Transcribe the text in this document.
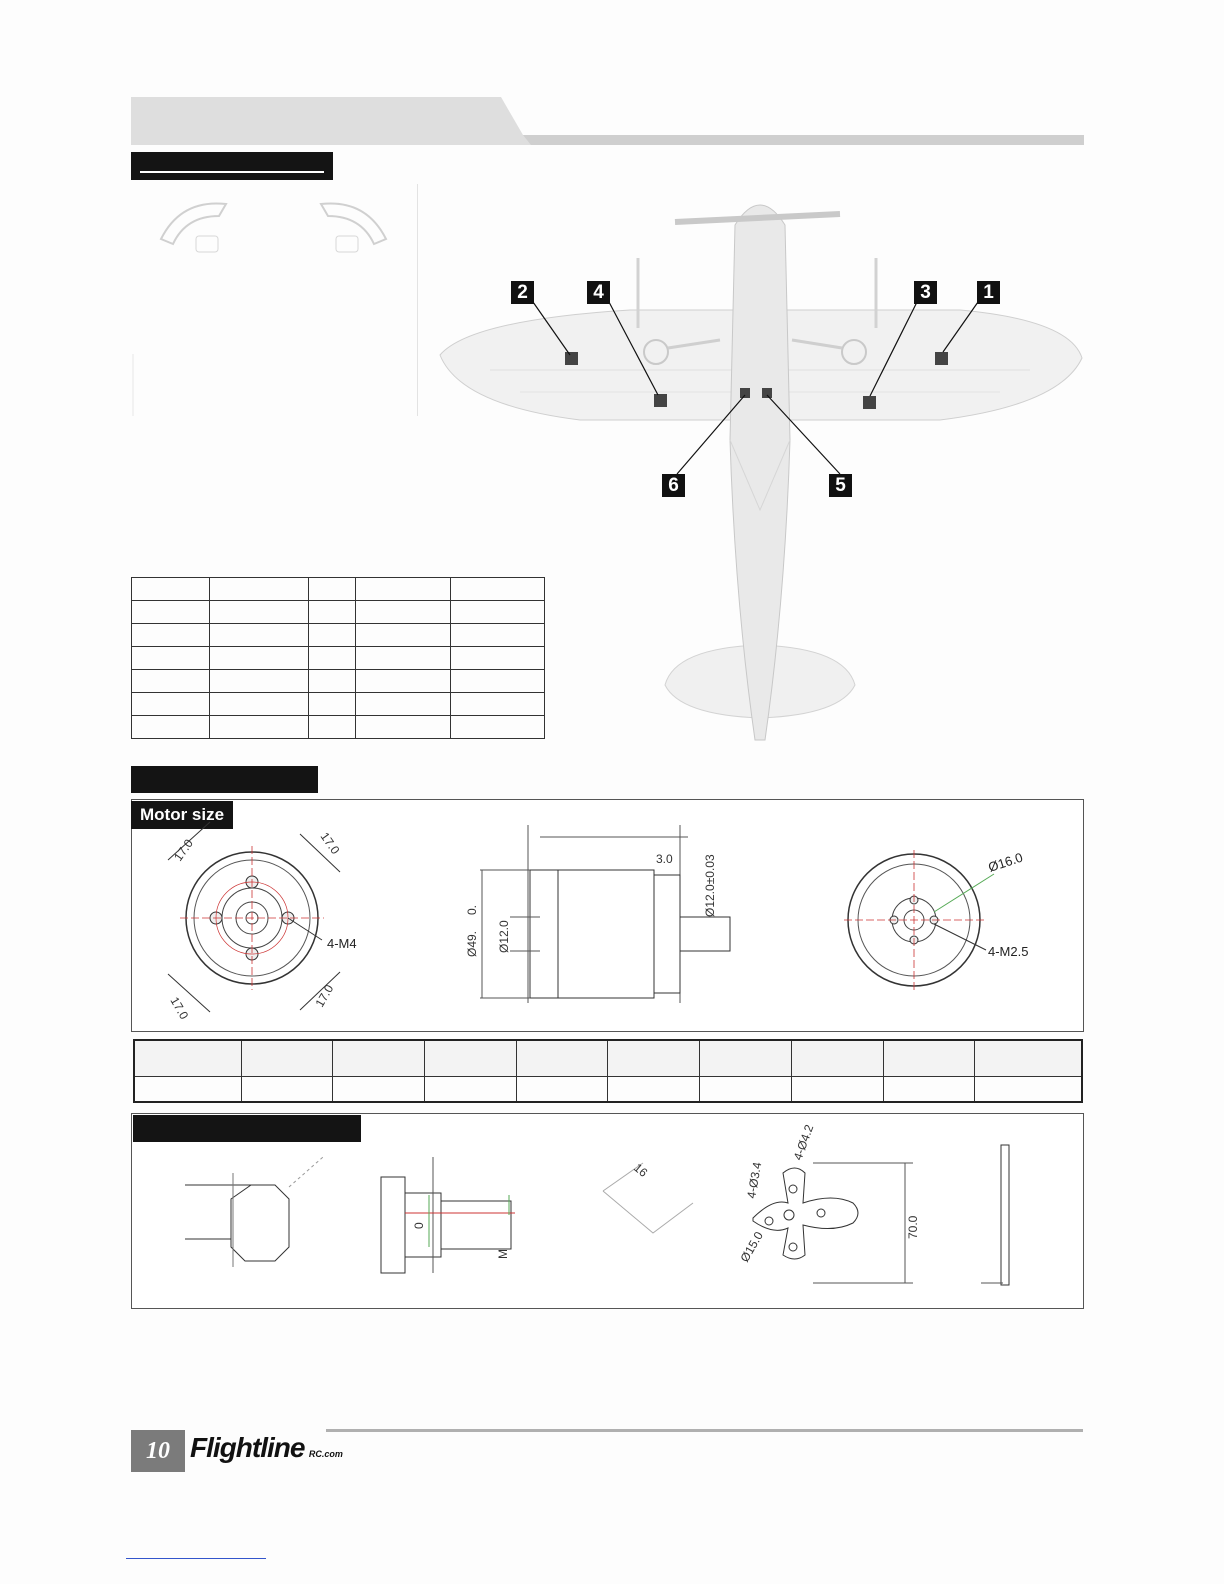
2	4	3	1
6	5
Motor size
17.0	17.0
17.0	17.0
4-M4
3.0	Ø12.0±0.03
Ø49.
0.
Ø12.0
Ø16.0
4-M2.5

0
M
16
4-Ø4.2
4-Ø3.4
Ø15.0
70.0
10 Flightline RC.com
